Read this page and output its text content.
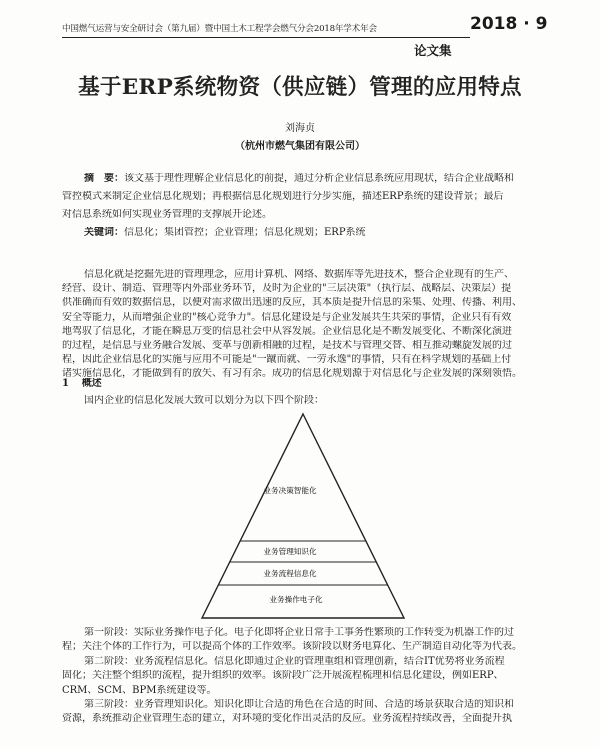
中国燃气运营与安全研讨会（第九届）暨中国土木工程学会燃气分会2018年学术年会	2018 · 9
论文集
基于ERP系统物资（供应链）管理的应用特点
刘海贞
（杭州市燃气集团有限公司）
摘　要：该文基于理性理解企业信息化的前提，通过分析企业信息系统应用现状，结合企业战略和
管控模式来制定企业信息化规划；再根据信息化规划进行分步实施，描述ERP系统的建设背景；最后
对信息系统如何实现业务管理的支撑展开论述。
关键词：信息化；集团管控；企业管理；信息化规划；ERP系统
信息化就是挖掘先进的管理理念，应用计算机、网络、数据库等先进技术，整合企业现有的生产、
经营、设计、制造、管理等内外部业务环节，及时为企业的"三层决策"（执行层、战略层、决策层）提
供准确而有效的数据信息，以便对需求做出迅速的反应，其本质是提升信息的采集、处理、传播、利用、
安全等能力，从而增强企业的"核心竞争力"。信息化建设是与企业发展共生共荣的事情，企业只有有效
地驾驭了信息化，才能在瞬息万变的信息社会中从容发展。企业信息化是不断发展变化、不断深化演进
的过程，是信息与业务融合发展、变革与创新相融的过程，是技术与管理交替、相互推动螺旋发展的过
程，因此企业信息化的实施与应用不可能是"一蹴而就、一劳永逸"的事情，只有在科学规划的基础上付
诸实施信息化，才能做到有的放矢、有习有余。成功的信息化规划源于对信息化与企业发展的深刻领悟。
1 概述
国内企业的信息化发展大致可以划分为以下四个阶段：
业务决策智能化
业务管理知识化
业务流程信息化
业务操作电子化
第一阶段：实际业务操作电子化。电子化即将企业日常手工事务性繁琐的工作转变为机器工作的过
程；关注个体的工作行为，可以提高个体的工作效率。该阶段以财务电算化、生产制造自动化等为代表。
第二阶段：业务流程信息化。信息化即通过企业的管理重组和管理创新，结合IT优势将业务流程
固化；关注整个组织的流程，提升组织的效率。该阶段广泛开展流程梳理和信息化建设，例如ERP、
CRM、SCM、BPM系统建设等。
第三阶段：业务管理知识化。知识化即让合适的角色在合适的时间、合适的场景获取合适的知识和
资源，系统推动企业管理生态的建立，对环境的变化作出灵活的反应。业务流程持续改善，全面提升执
